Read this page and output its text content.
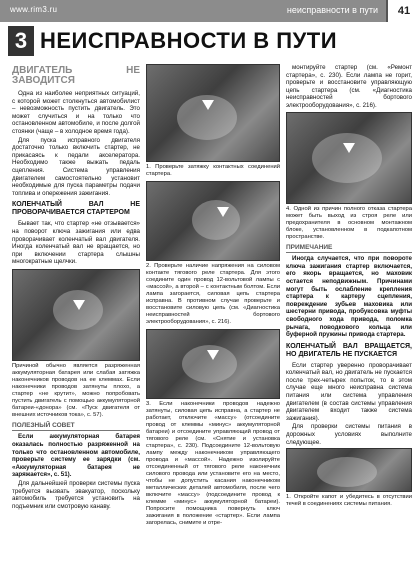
www.rim3.ru	неисправности в пути	41
3 НЕИСПРАВНОСТИ В ПУТИ
ДВИГАТЕЛЬ НЕ ЗАВОДИТСЯ
Одна из наиболее неприятных ситуаций, с которой может столкнуться автомобилист – невозможность пустить двигатель. Это может случиться и на только что остановленном автомобиле, и после долгой стоянки (чаще – в холодное время года).
Для пуска исправного двигателя достаточно только включить стартер, не прикасаясь к педали акселератора. Необходимо также выжать педаль сцепления. Система управления двигателем самостоятельно установит необходимые для пуска параметры подачи топлива и опережения зажигания.
КОЛЕНЧАТЫЙ ВАЛ НЕ ПРОВОРАЧИВАЕТСЯ СТАРТЕРОМ
Бывает так, что стартер «не отзывается» на поворот ключа зажигания или едва проворачивает коленчатый вал двигателя. Иногда коленчатый вал не вращается, но при включении стартера слышны многократные щелчки.
Причиной обычно является разряженная аккумуляторная батарея или слабая затяжка наконечников проводов на ее клеммах. Если наконечники проводов затянуты плохо, а стартер «не крутит», можно попробовать пустить двигатель с помощью аккумуляторной батареи-«донора» (см. «Пуск двигателя от внешних источников тока», с. 57).
ПОЛЕЗНЫЙ СОВЕТ
Если аккумуляторная батарея оказалась полностью разряженной на только что остановленном автомобиле, проверьте систему ее зарядки (см. «Аккумуляторная батарея не заряжается», с. 51).
Для дальнейшей проверки системы пуска требуется вызвать эвакуатор, поскольку автомобиль требуется установить на подъемник или смотровую канаву.
1. Проверьте затяжку контактных соединений стартера.
2. Проверьте наличие напряжения на силовом контакте тягового реле стартера. Для этого соедините один провод 12-вольтовой лампы с «массой», а второй – с контактным болтом. Если лампа загорается, силовая цепь стартера исправна. В противном случае проверьте и восстановите силовую цепь (см. «Диагностика неисправностей бортового электрооборудования», с. 216).
3. Если наконечники проводов надежно затянуты, силовая цепь исправна, а стартер не работает, отключите «массу» (отсоедините провод от клеммы «минус» аккумуляторной батареи) и отсоедините управляющий провод от тягового реле (см. «Снятие и установка стартера», с. 230). Подсоедините 12-вольтовую лампу между наконечником управляющего провода и «массой». Надежно изолируйте отсоединенный от тягового реле наконечник силового провода или установите его на место, чтобы не допустить касания наконечником металлических деталей автомобиля, после чего включите «массу» (подсоедините провод к клемме «минус» аккумуляторной батареи). Попросите помощника повернуть ключ зажигания в положение «стартер». Если лампа загорелась, снимите и отре-
монтируйте стартер (см. «Ремонт стартера», с. 230). Если лампа не горит, проверьте и восстановите управляющую цепь стартера (см. «Диагностика неисправностей бортового электрооборудования», с. 216).
4. Одной из причин полного отказа стартера может быть выход из строя реле или предохранителя в основном монтажном блоке, установленном в подкапотном пространстве.
ПРИМЕЧАНИЕ
Иногда случается, что при повороте ключа зажигания стартер включается, его якорь вращается, но маховик остается неподвижным. Причинами могут быть ослабление крепления стартера к картеру сцепления, повреждение зубьев маховика или шестерни привода, пробуксовка муфты свободного хода привода, поломка рычага, поводкового кольца или буферной пружины привода стартера.
КОЛЕНЧАТЫЙ ВАЛ ВРАЩАЕТСЯ, НО ДВИГАТЕЛЬ НЕ ПУСКАЕТСЯ
Если стартер уверенно проворачивает коленчатый вал, но двигатель не пускается после трех-четырех попыток, то в этом случае еще много неисправна система питания или система управления двигателем (в состав системы управления двигателем входит также система зажигания).
Для проверки системы питания в дорожных условиях выполните следующее.
1. Откройте капот и убедитесь в отсутствии течей в соединениях системы питания.
